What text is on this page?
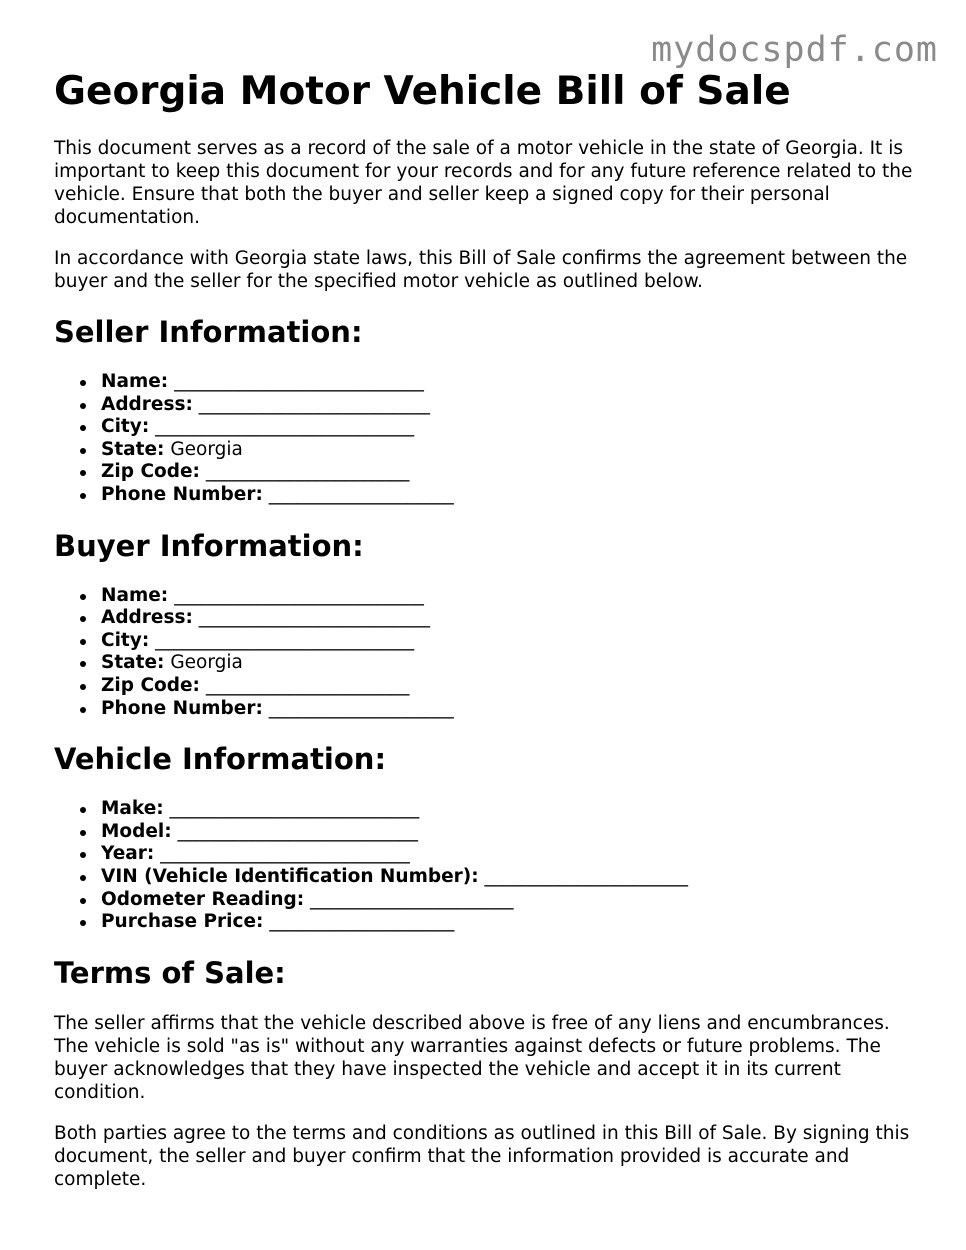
mydocspdf.com
Georgia Motor Vehicle Bill of Sale

This document serves as a record of the sale of a motor vehicle in the state of Georgia. It is important to keep this document for your records and for any future reference related to the vehicle. Ensure that both the buyer and seller keep a signed copy for their personal documentation.

In accordance with Georgia state laws, this Bill of Sale confirms the agreement between the buyer and the seller for the specified motor vehicle as outlined below.

Seller Information:
Name: ___________________________
Address: _________________________
City: ____________________________
State: Georgia
Zip Code: ______________________
Phone Number: ____________________
Buyer Information:
Name: ___________________________
Address: _________________________
City: ____________________________
State: Georgia
Zip Code: ______________________
Phone Number: ____________________
Vehicle Information:
Make: ___________________________
Model: __________________________
Year: ___________________________
VIN (Vehicle Identification Number): ______________________
Odometer Reading: ______________________
Purchase Price: ____________________
Terms of Sale:

The seller affirms that the vehicle described above is free of any liens and encumbrances. The vehicle is sold "as is" without any warranties against defects or future problems. The buyer acknowledges that they have inspected the vehicle and accept it in its current condition.

Both parties agree to the terms and conditions as outlined in this Bill of Sale. By signing this document, the seller and buyer confirm that the information provided is accurate and complete.
